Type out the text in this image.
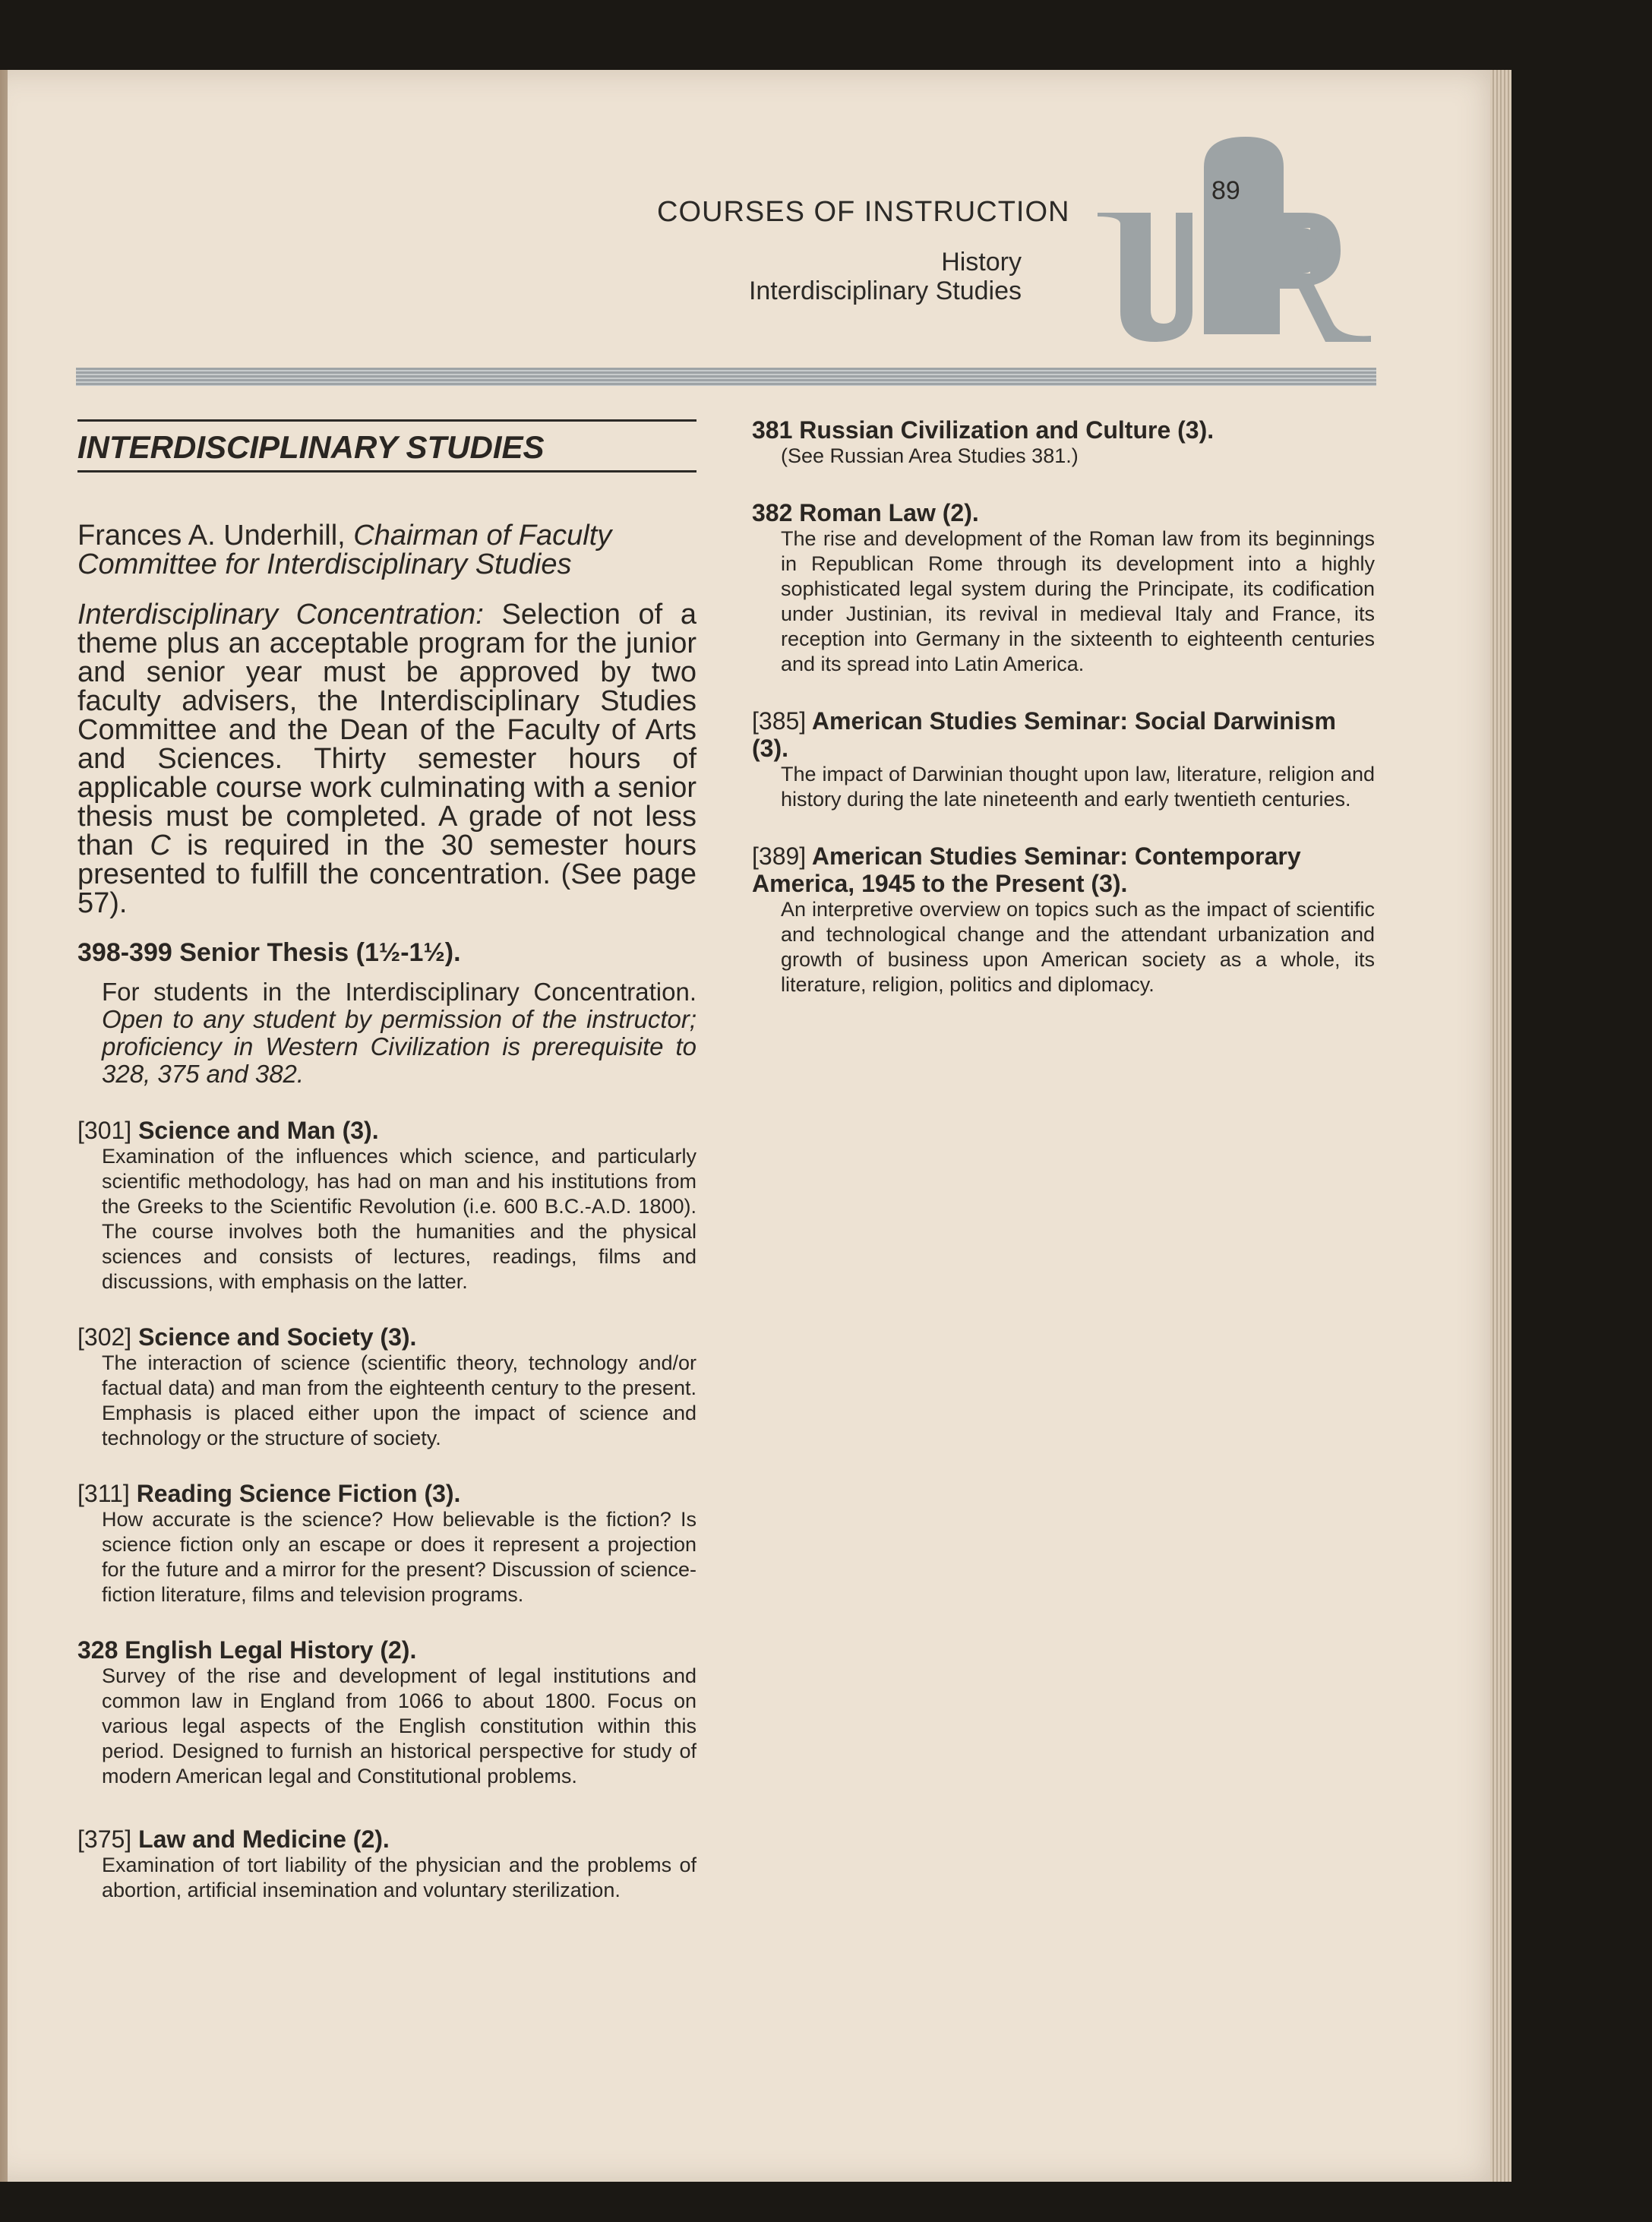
COURSES OF INSTRUCTION
History
Interdisciplinary Studies
89
INTERDISCIPLINARY STUDIES

Frances A. Underhill, Chairman of Faculty Committee for Interdisciplinary Studies

Interdisciplinary Concentration: Selection of a theme plus an acceptable program for the junior and senior year must be approved by two faculty advisers, the Interdisciplinary Studies Committee and the Dean of the Faculty of Arts and Sciences. Thirty semester hours of applicable course work culminating with a senior thesis must be completed. A grade of not less than C is required in the 30 semester hours presented to fulfill the concentration. (See page 57).

398-399 Senior Thesis (1½-1½).

For students in the Interdisciplinary Concentration. Open to any student by permission of the instructor; proficiency in Western Civilization is prerequisite to 328, 375 and 382.

[301] Science and Man (3).

Examination of the influences which science, and particularly scientific methodology, has had on man and his institutions from the Greeks to the Scientific Revolution (i.e. 600 B.C.-A.D. 1800). The course involves both the humanities and the physical sciences and consists of lectures, readings, films and discussions, with emphasis on the latter.

[302] Science and Society (3).

The interaction of science (scientific theory, technology and/or factual data) and man from the eighteenth century to the present. Emphasis is placed either upon the impact of science and technology or the structure of society.

[311] Reading Science Fiction (3).

How accurate is the science? How believable is the fiction? Is science fiction only an escape or does it represent a projection for the future and a mirror for the present? Discussion of science-fiction literature, films and television programs.

328 English Legal History (2).

Survey of the rise and development of legal institutions and common law in England from 1066 to about 1800. Focus on various legal aspects of the English constitution within this period. Designed to furnish an historical perspective for study of modern American legal and Constitutional problems.

[375] Law and Medicine (2).

Examination of tort liability of the physician and the problems of abortion, artificial insemination and voluntary sterilization.

381 Russian Civilization and Culture (3).

(See Russian Area Studies 381.)

382 Roman Law (2).

The rise and development of the Roman law from its beginnings in Republican Rome through its development into a highly sophisticated legal system during the Principate, its codification under Justinian, its revival in medieval Italy and France, its reception into Germany in the sixteenth to eighteenth centuries and its spread into Latin America.

[385] American Studies Seminar: Social Darwinism (3).

The impact of Darwinian thought upon law, literature, religion and history during the late nineteenth and early twentieth centuries.

[389] American Studies Seminar: Contemporary America, 1945 to the Present (3).

An interpretive overview on topics such as the impact of scientific and technological change and the attendant urbanization and growth of business upon American society as a whole, its literature, religion, politics and diplomacy.
